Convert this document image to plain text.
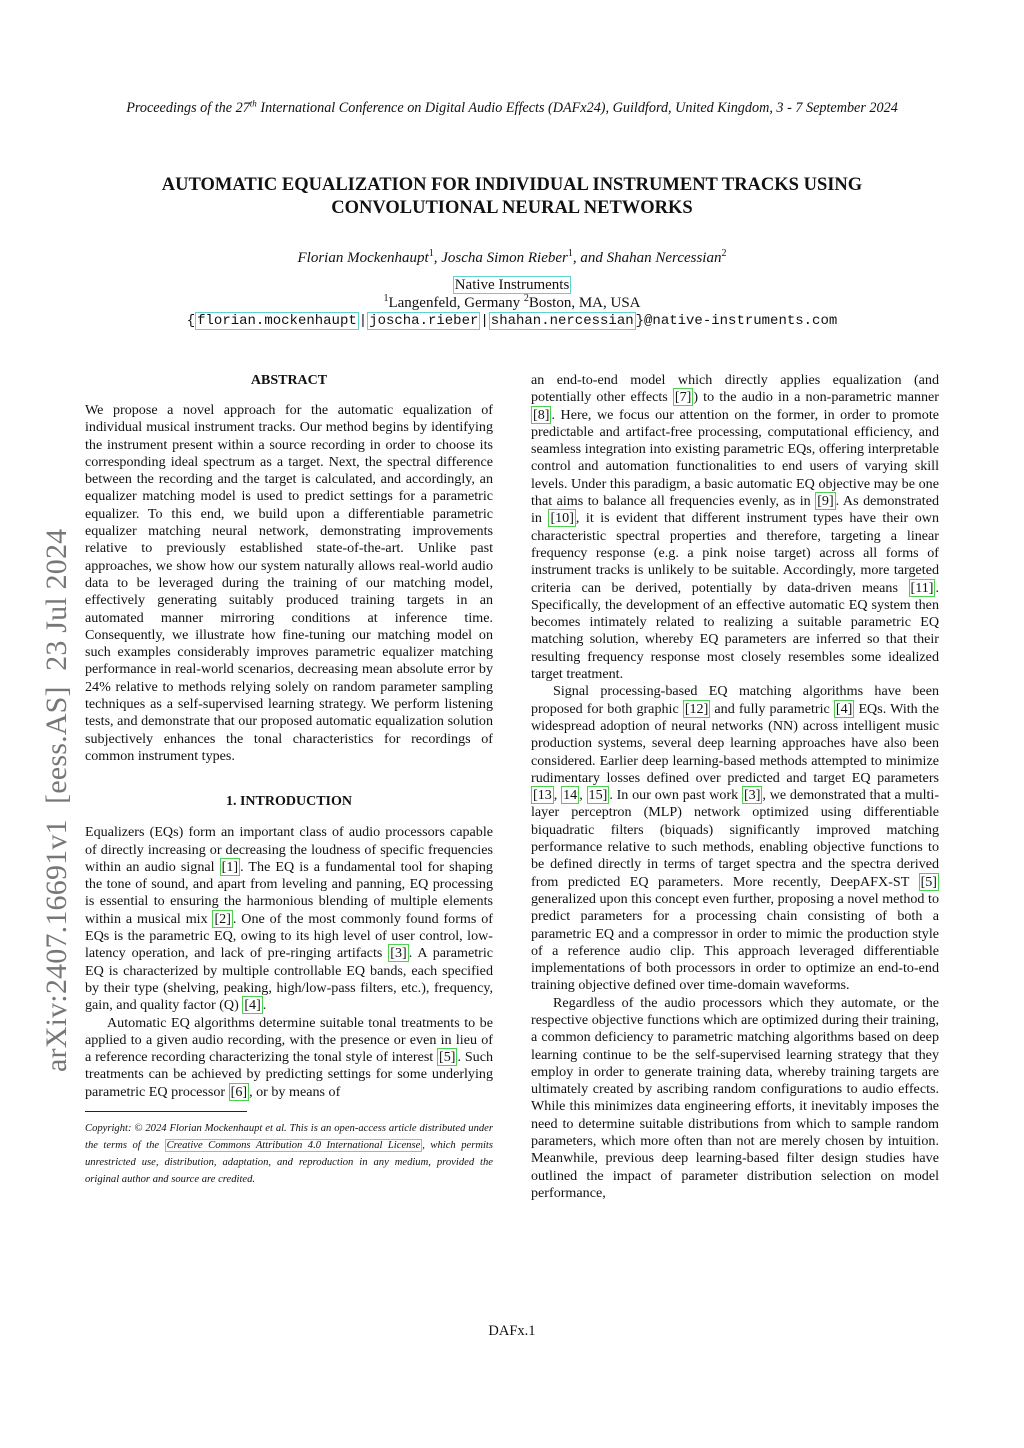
Proceedings of the 27th International Conference on Digital Audio Effects (DAFx24), Guildford, United Kingdom, 3 - 7 September 2024
arXiv:2407.16691v1  [eess.AS]  23 Jul 2024
AUTOMATIC EQUALIZATION FOR INDIVIDUAL INSTRUMENT TRACKS USING CONVOLUTIONAL NEURAL NETWORKS
Florian Mockenhaupt$^1$, Joscha Simon Rieber$^1$, and Shahan Nercessian$^2$
Native Instruments
$^1$Langenfeld, Germany $^2$Boston, MA, USA
{ florian.mockenhaupt | joscha.rieber | shahan.nercessian }@native-instruments.com
ABSTRACT

We propose a novel approach for the automatic equalization of individual musical instrument tracks. Our method begins by identifying the instrument present within a source recording in order to choose its corresponding ideal spectrum as a target. Next, the spectral difference between the recording and the target is calculated, and accordingly, an equalizer matching model is used to predict settings for a parametric equalizer. To this end, we build upon a differentiable parametric equalizer matching neural network, demonstrating improvements relative to previously established state-of-the-art. Unlike past approaches, we show how our system naturally allows real-world audio data to be leveraged during the training of our matching model, effectively generating suitably produced training targets in an automated manner mirroring conditions at inference time. Consequently, we illustrate how fine-tuning our matching model on such examples considerably improves parametric equalizer matching performance in real-world scenarios, decreasing mean absolute error by 24% relative to methods relying solely on random parameter sampling techniques as a self-supervised learning strategy. We perform listening tests, and demonstrate that our proposed automatic equalization solution subjectively enhances the tonal characteristics for recordings of common instrument types.

1. INTRODUCTION

Equalizers (EQs) form an important class of audio processors capable of directly increasing or decreasing the loudness of specific frequencies within an audio signal [1] . The EQ is a fundamental tool for shaping the tone of sound, and apart from leveling and panning, EQ processing is essential to ensuring the harmonious blending of multiple elements within a musical mix [2] . One of the most commonly found forms of EQs is the parametric EQ, owing to its high level of user control, low-latency operation, and lack of pre-ringing artifacts [3] . A parametric EQ is characterized by multiple controllable EQ bands, each specified by their type (shelving, peaking, high/low-pass filters, etc.), frequency, gain, and quality factor (Q) [4] .

Automatic EQ algorithms determine suitable tonal treatments to be applied to a given audio recording, with the presence or even in lieu of a reference recording characterizing the tonal style of interest [5] . Such treatments can be achieved by predicting settings for some underlying parametric EQ processor [6] , or by means of

Copyright: © 2024 Florian Mockenhaupt et al. This is an open-access article distributed under the terms of the Creative Commons Attribution 4.0 International License , which permits unrestricted use, distribution, adaptation, and reproduction in any medium, provided the original author and source are credited.

an end-to-end model which directly applies equalization (and potentially other effects [7] ) to the audio in a non-parametric manner [8] . Here, we focus our attention on the former, in order to promote predictable and artifact-free processing, computational efficiency, and seamless integration into existing parametric EQs, offering interpretable control and automation functionalities to end users of varying skill levels. Under this paradigm, a basic automatic EQ objective may be one that aims to balance all frequencies evenly, as in [9] . As demonstrated in [10] , it is evident that different instrument types have their own characteristic spectral properties and therefore, targeting a linear frequency response (e.g. a pink noise target) across all forms of instrument tracks is unlikely to be suitable. Accordingly, more targeted criteria can be derived, potentially by data-driven means [11] . Specifically, the development of an effective automatic EQ system then becomes intimately related to realizing a suitable parametric EQ matching solution, whereby EQ parameters are inferred so that their resulting frequency response most closely resembles some idealized target treatment.

Signal processing-based EQ matching algorithms have been proposed for both graphic [12] and fully parametric [4] EQs. With the widespread adoption of neural networks (NN) across intelligent music production systems, several deep learning approaches have also been considered. Earlier deep learning-based methods attempted to minimize rudimentary losses defined over predicted and target EQ parameters [13 , 14 , 15] . In our own past work [3] , we demonstrated that a multi-layer perceptron (MLP) network optimized using differentiable biquadratic filters (biquads) significantly improved matching performance relative to such methods, enabling objective functions to be defined directly in terms of target spectra and the spectra derived from predicted EQ parameters. More recently, DeepAFX-ST [5] generalized upon this concept even further, proposing a novel method to predict parameters for a processing chain consisting of both a parametric EQ and a compressor in order to mimic the production style of a reference audio clip. This approach leveraged differentiable implementations of both processors in order to optimize an end-to-end training objective defined over time-domain waveforms.

Regardless of the audio processors which they automate, or the respective objective functions which are optimized during their training, a common deficiency to parametric matching algorithms based on deep learning continue to be the self-supervised learning strategy that they employ in order to generate training data, whereby training targets are ultimately created by ascribing random configurations to audio effects. While this minimizes data engineering efforts, it inevitably imposes the need to determine suitable distributions from which to sample random parameters, which more often than not are merely chosen by intuition. Meanwhile, previous deep learning-based filter design studies have outlined the impact of parameter distribution selection on model performance,

DAFx.1
